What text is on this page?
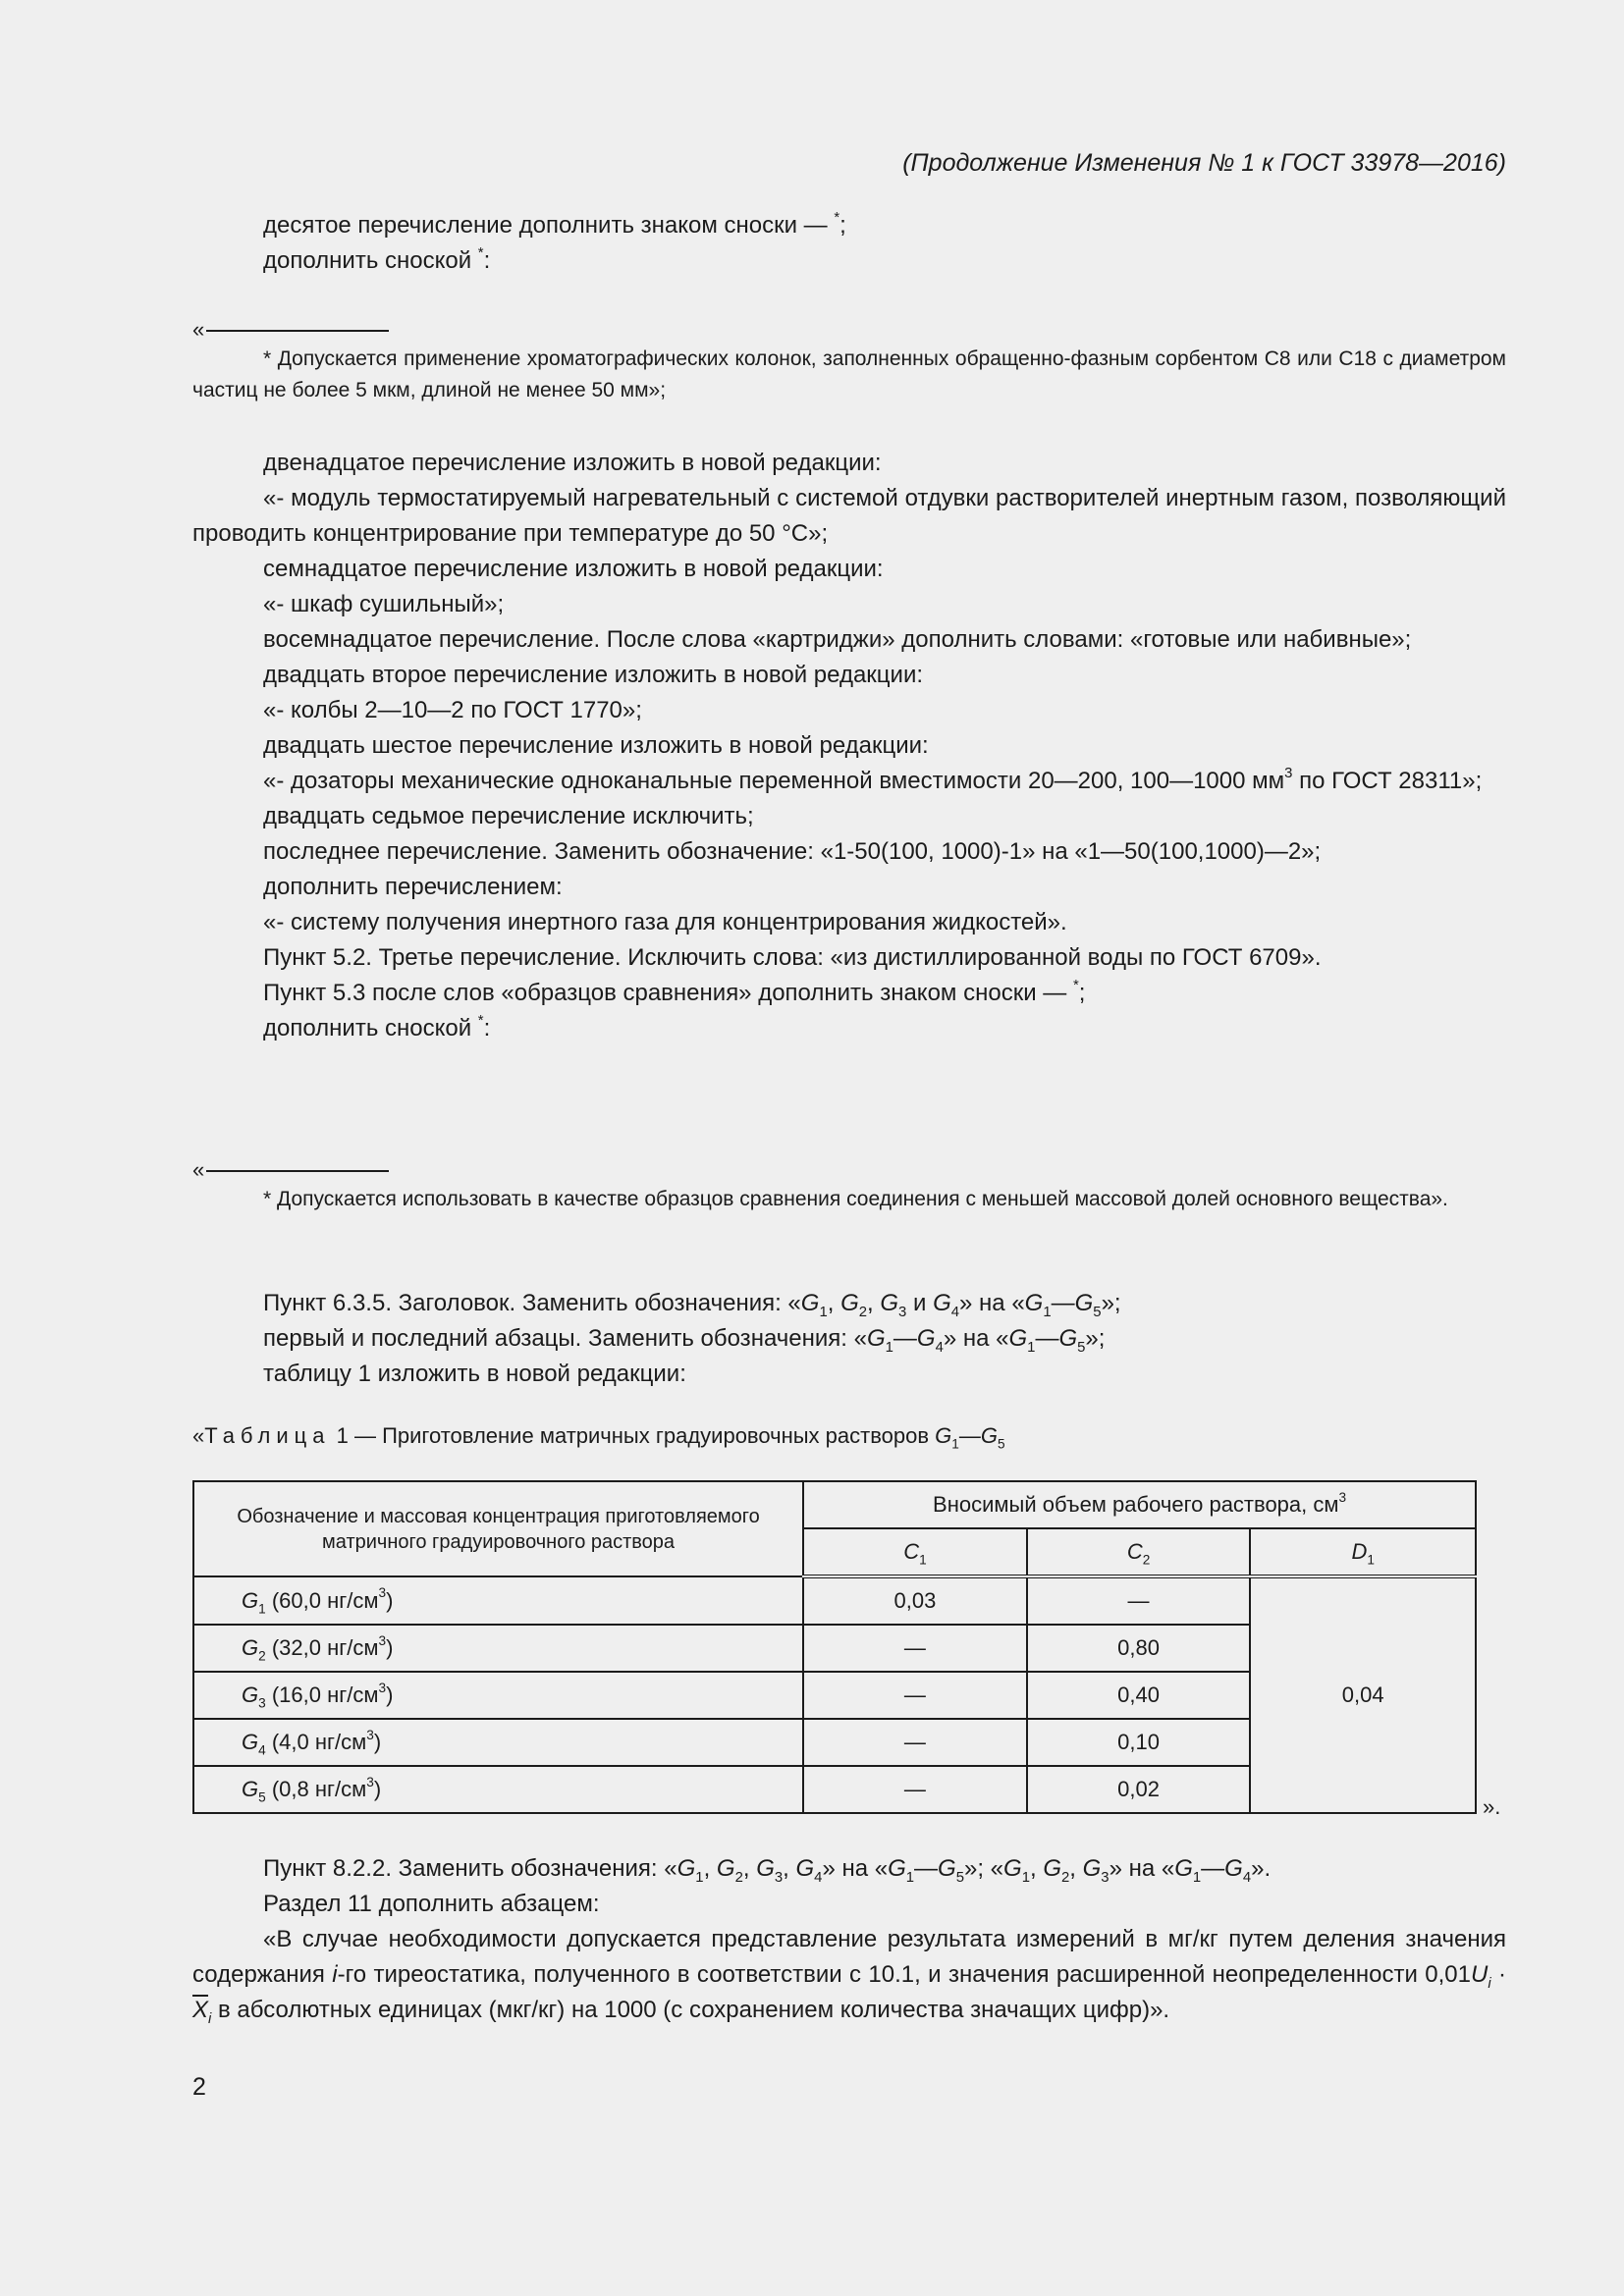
(Продолжение Изменения № 1 к ГОСТ 33978—2016)

десятое перечисление дополнить знаком сноски — *;

дополнить сноской *:

«

* Допускается применение хроматографических колонок, заполненных обращенно-фазным сорбентом С8 или С18 с диаметром частиц не более 5 мкм, длиной не менее 50 мм»;

двенадцатое перечисление изложить в новой редакции:

«- модуль термостатируемый нагревательный с системой отдувки растворителей инертным газом, позволяющий проводить концентрирование при температуре до 50 °С»;

семнадцатое перечисление изложить в новой редакции:

«- шкаф сушильный»;

восемнадцатое перечисление. После слова «картриджи» дополнить словами: «готовые или набивные»;

двадцать второе перечисление изложить в новой редакции:

«- колбы 2—10—2 по ГОСТ 1770»;

двадцать шестое перечисление изложить в новой редакции:

«- дозаторы механические одноканальные переменной вместимости 20—200, 100—1000 $мм^3$ по ГОСТ 28311»;

двадцать седьмое перечисление исключить;

последнее перечисление. Заменить обозначение: «1-50(100, 1000)-1» на «1—50(100,1000)—2»;

дополнить перечислением:

«- систему получения инертного газа для концентрирования жидкостей».

Пункт 5.2. Третье перечисление. Исключить слова: «из дистиллированной воды по ГОСТ 6709».

Пункт 5.3 после слов «образцов сравнения» дополнить знаком сноски — *;

дополнить сноской *:

«

* Допускается использовать в качестве образцов сравнения соединения с меньшей массовой долей основного вещества».

Пункт 6.3.5. Заголовок. Заменить обозначения: «$G_1$, $G_2$, $G_3$ и $G_4$» на «$G_1—G_5$»;

первый и последний абзацы. Заменить обозначения: «$G_1—G_4$» на «$G_1—G_5$»;

таблицу 1 изложить в новой редакции:

«Таблица 1 — Приготовление матричных градуировочных растворов $G_1—G_5$
Обозначение и массовая концентрация приготовляемого матричного градуировочного раствора	Вносимый объем рабочего раствора, $см^3$
	$C_1$	$C_2$	$D_1$
$G_1$ (60,0 $нг/см^3$)	0,03	—	0,04
$G_2$ (32,0 $нг/см^3$)	—	0,80	
$G_3$ (16,0 $нг/см^3$)	—	0,40	
$G_4$ (4,0 $нг/см^3$)	—	0,10	
$G_5$ (0,8 $нг/см^3$)	—	0,02	
».

Пункт 8.2.2. Заменить обозначения: «$G_1$, $G_2$, $G_3$, $G_4$» на «$G_1—G_5$»; «$G_1$, $G_2$, $G_3$» на «$G_1—G_4$».

Раздел 11 дополнить абзацем:

«В случае необходимости допускается представление результата измерений в мг/кг путем деления значения содержания i-го тиреостатика, полученного в соответствии с 10.1, и значения расширенной неопределенности $0,01U_i \cdot \overline{X}_i$ в абсолютных единицах (мкг/кг) на 1000 (с сохранением количества значащих цифр)».

2
